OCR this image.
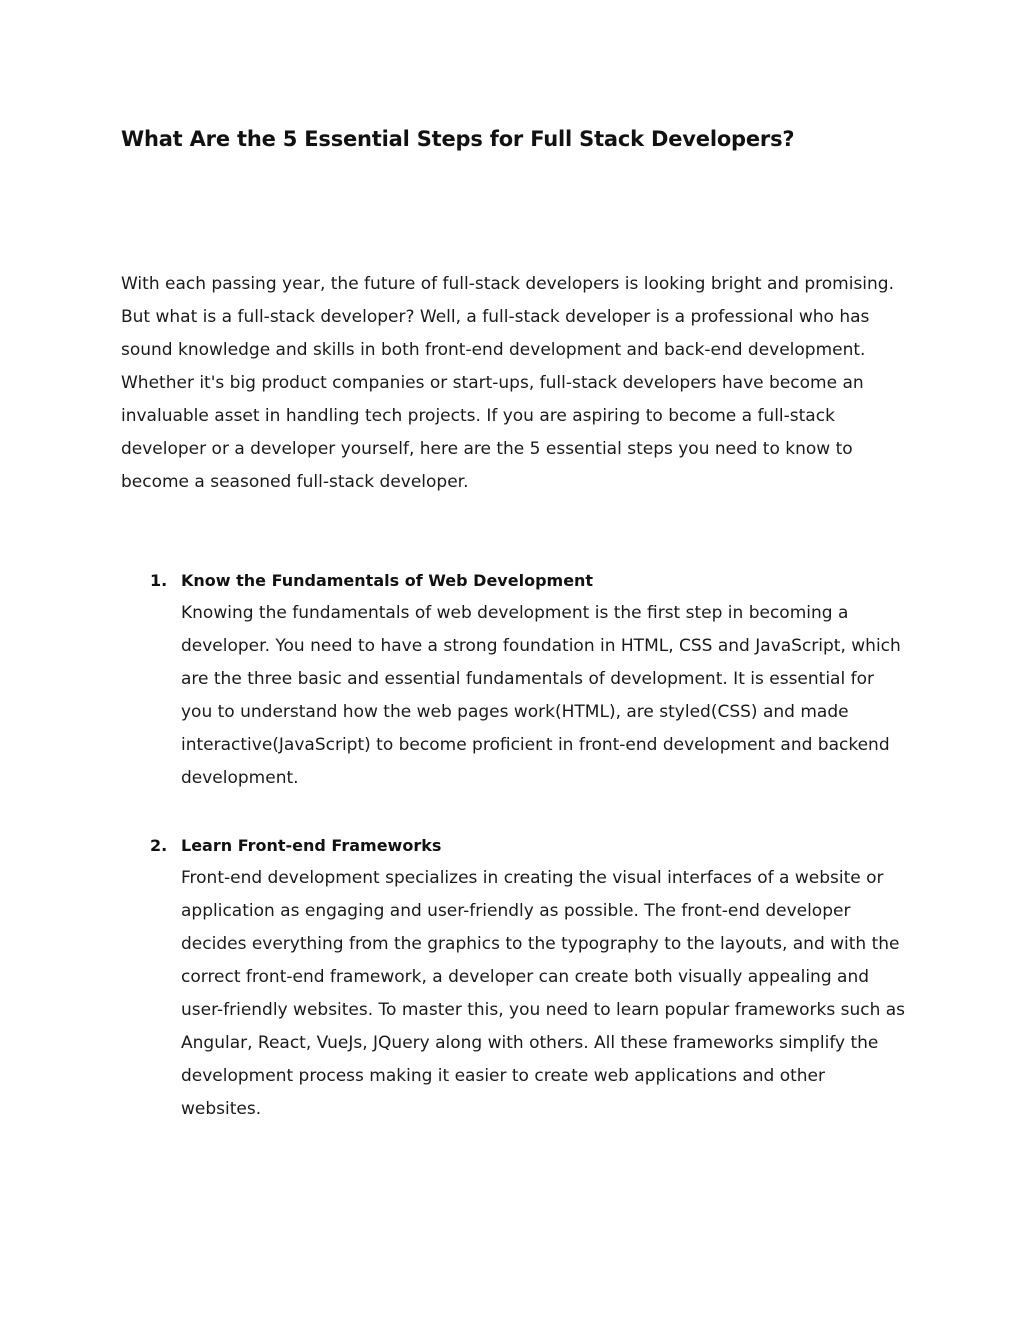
What Are the 5 Essential Steps for Full Stack Developers?

With each passing year, the future of full-stack developers is looking bright and promising. But what is a full-stack developer? Well, a full-stack developer is a professional who has sound knowledge and skills in both front-end development and back-end development. Whether it's big product companies or start-ups, full-stack developers have become an invaluable asset in handling tech projects. If you are aspiring to become a full-stack developer or a developer yourself, here are the 5 essential steps you need to know to become a seasoned full-stack developer.

1. Know the Fundamentals of Web Development

Knowing the fundamentals of web development is the first step in becoming a developer. You need to have a strong foundation in HTML, CSS and JavaScript, which are the three basic and essential fundamentals of development. It is essential for you to understand how the web pages work(HTML), are styled(CSS) and made interactive(JavaScript) to become proficient in front-end development and backend development.

2. Learn Front-end Frameworks

Front-end development specializes in creating the visual interfaces of a website or application as engaging and user-friendly as possible. The front-end developer decides everything from the graphics to the typography to the layouts, and with the correct front-end framework, a developer can create both visually appealing and user-friendly websites. To master this, you need to learn popular frameworks such as Angular, React, VueJs, JQuery along with others. All these frameworks simplify the development process making it easier to create web applications and other websites.
